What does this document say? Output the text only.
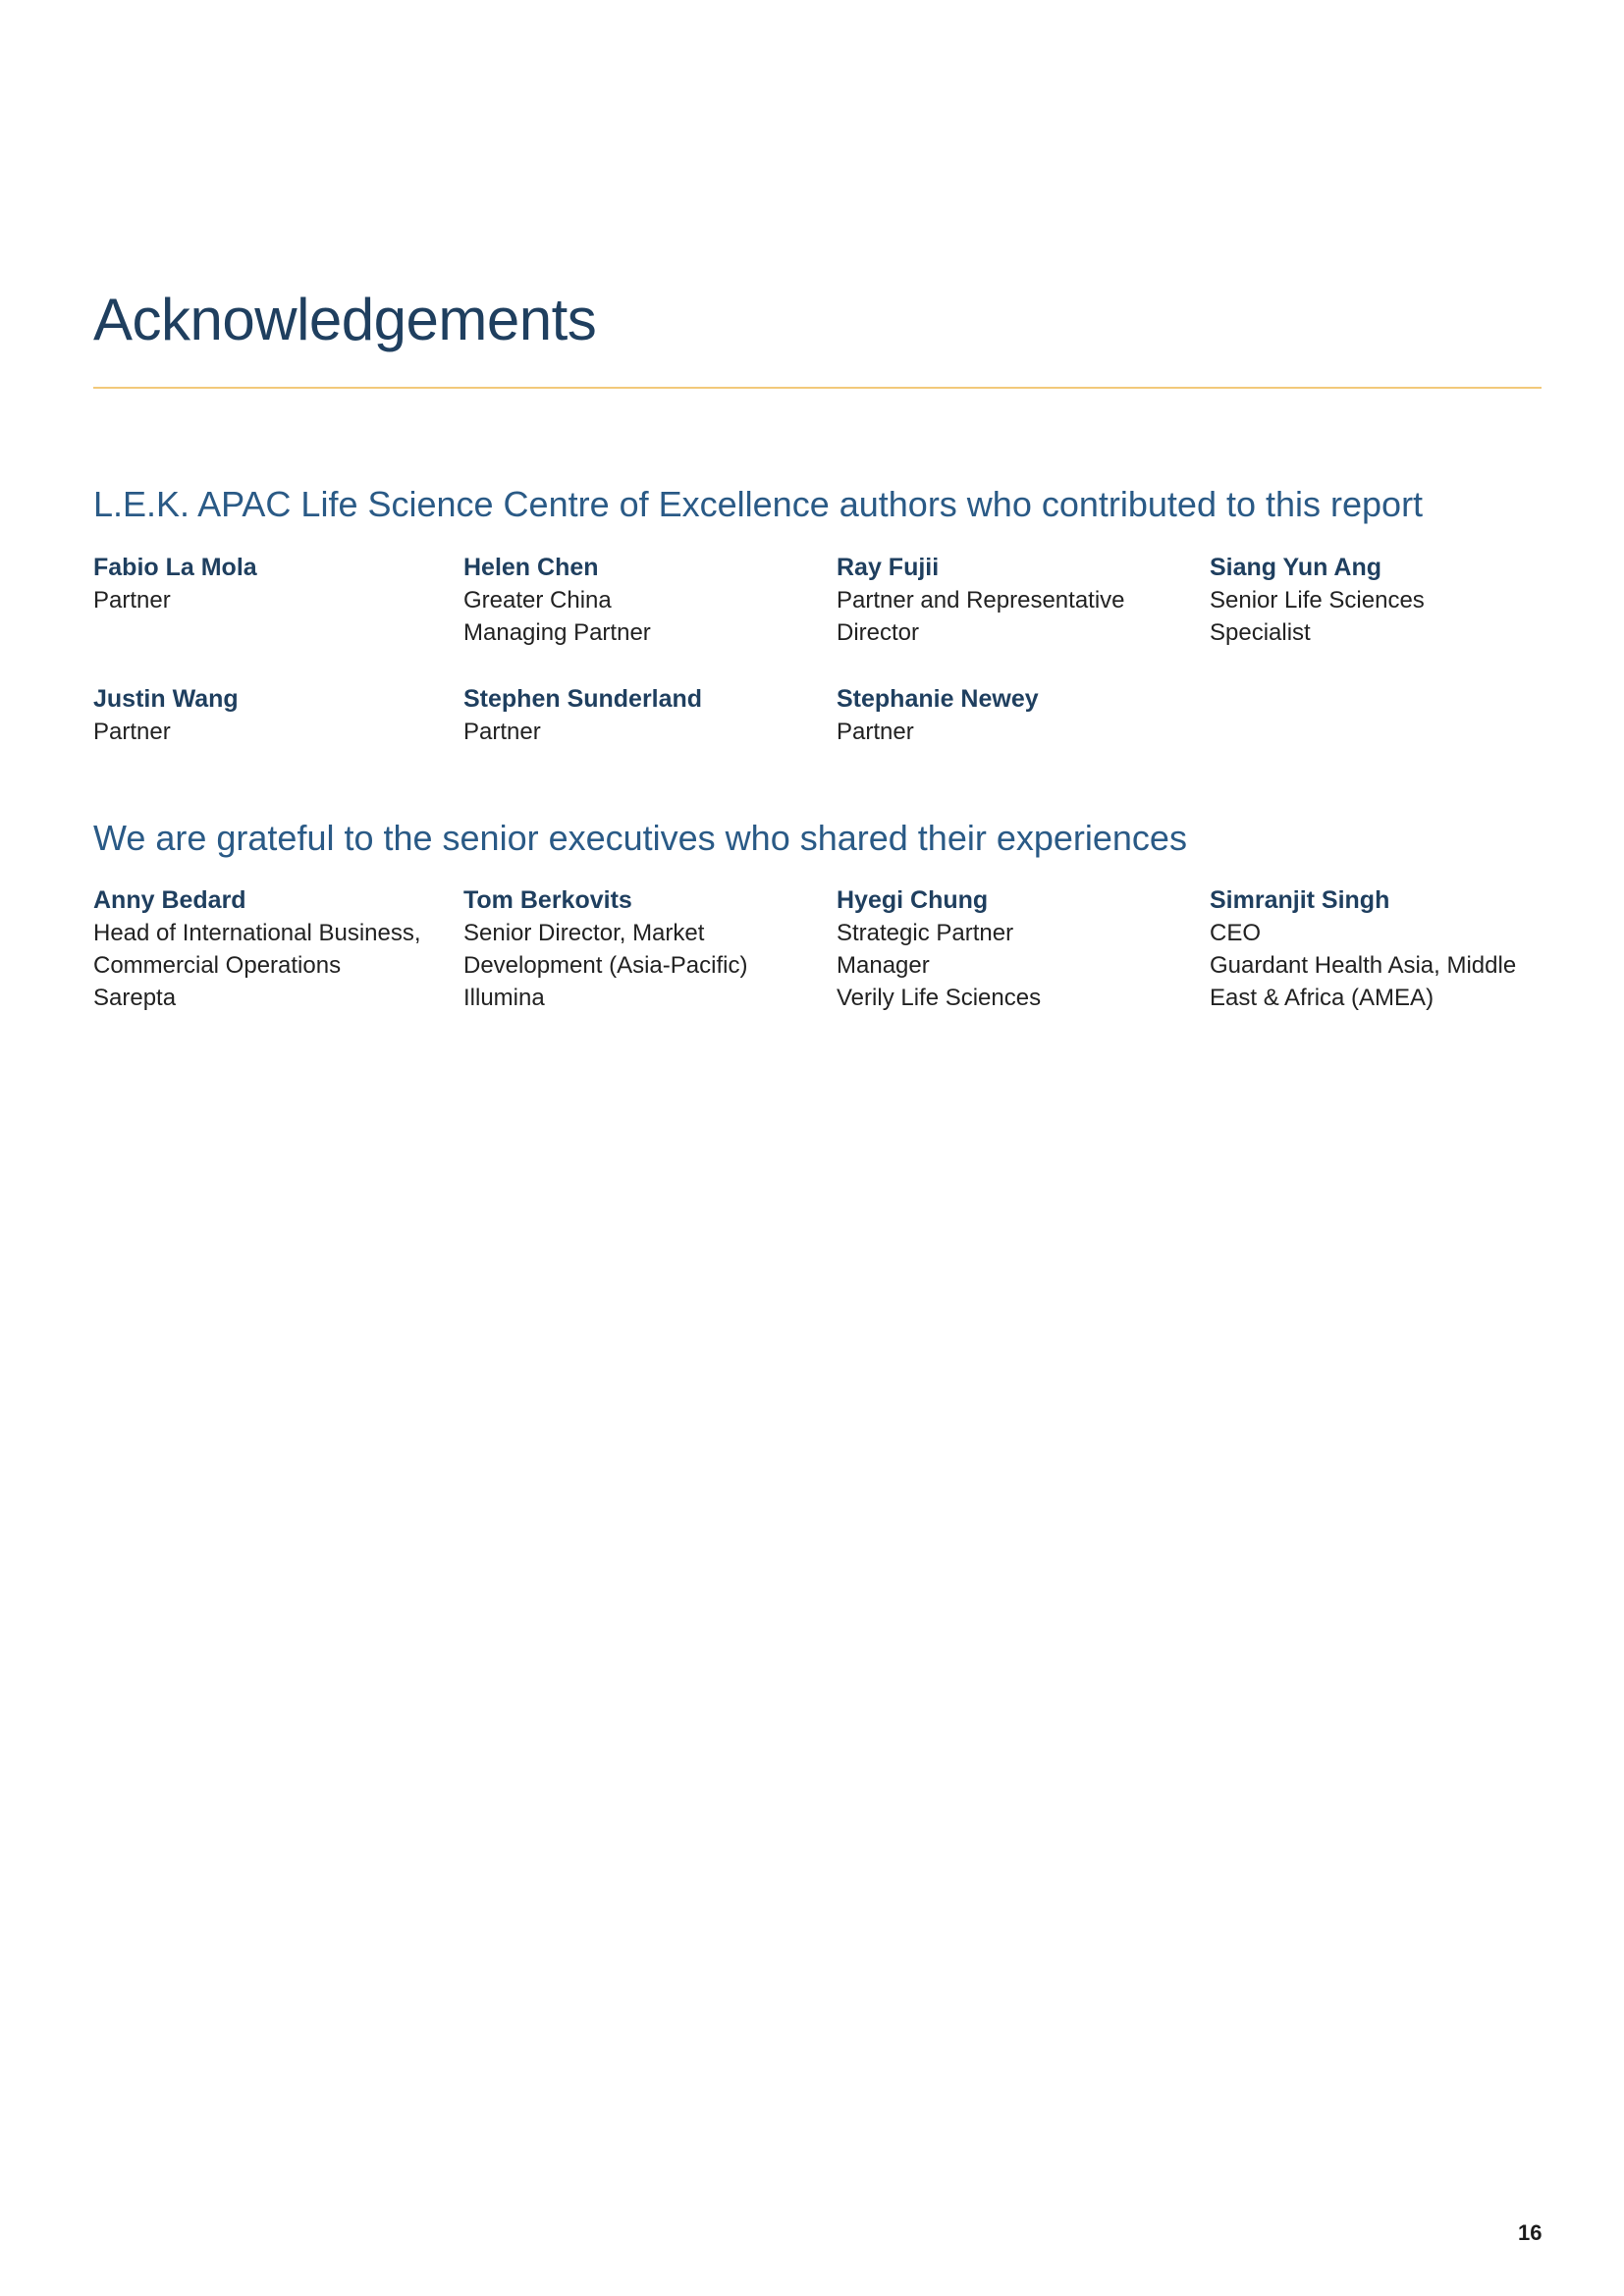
Acknowledgements
L.E.K. APAC Life Science Centre of Excellence authors who contributed to this report
Fabio La Mola
Partner
Helen Chen
Greater China
Managing Partner
Ray Fujii
Partner and Representative
Director
Siang Yun Ang
Senior Life Sciences
Specialist
Justin Wang
Partner
Stephen Sunderland
Partner
Stephanie Newey
Partner
We are grateful to the senior executives who shared their experiences
Anny Bedard
Head of International Business,
Commercial Operations
Sarepta
Tom Berkovits
Senior Director, Market
Development (Asia-Pacific)
Illumina
Hyegi Chung
Strategic Partner
Manager
Verily Life Sciences
Simranjit Singh
CEO
Guardant Health Asia, Middle
East & Africa (AMEA)
16
